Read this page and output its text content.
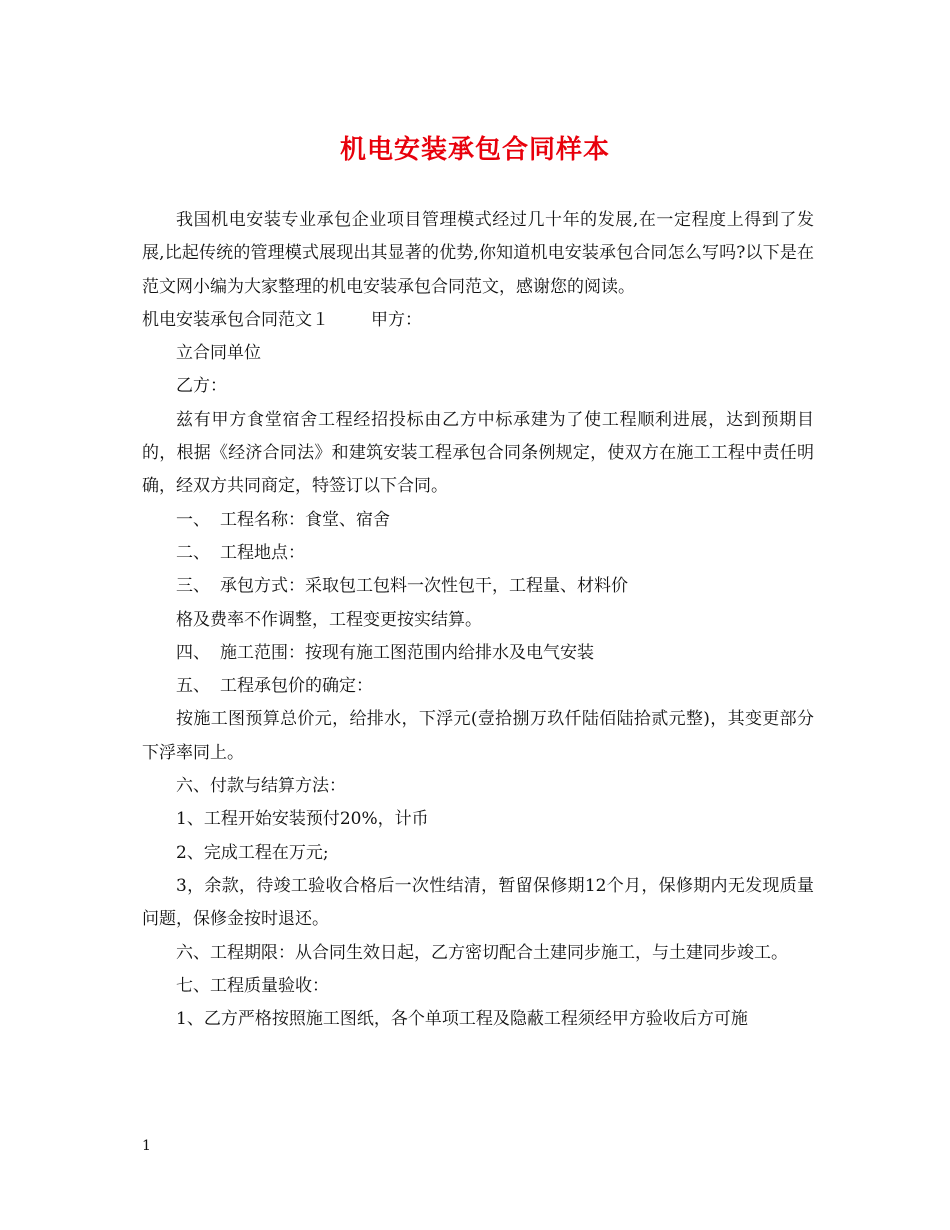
机电安装承包合同样本

我国机电安装专业承包企业项目管理模式经过几十年的发展,在一定程度上得到了发展,比起传统的管理模式展现出其显著的优势,你知道机电安装承包合同怎么写吗?以下是在范文网小编为大家整理的机电安装承包合同范文，感谢您的阅读。

机电安装承包合同范文１ 甲方：

立合同单位

乙方：

兹有甲方食堂宿舍工程经招投标由乙方中标承建为了使工程顺利进展，达到预期目的，根据《经济合同法》和建筑安装工程承包合同条例规定，使双方在施工工程中责任明确，经双方共同商定，特签订以下合同。

一、 工程名称：食堂、宿舍

二、 工程地点：

三、 承包方式：采取包工包料一次性包干，工程量、材料价

格及费率不作调整，工程变更按实结算。

四、 施工范围：按现有施工图范围内给排水及电气安装

五、 工程承包价的确定：

按施工图预算总价元，给排水，下浮元(壹拾捌万玖仟陆佰陆拾贰元整)，其变更部分下浮率同上。

六、付款与结算方法：

1、工程开始安装预付20%，计币

2、完成工程在万元;

3，余款，待竣工验收合格后一次性结清，暂留保修期12个月，保修期内无发现质量问题，保修金按时退还。

六、工程期限：从合同生效日起，乙方密切配合土建同步施工，与土建同步竣工。

七、工程质量验收：

1、乙方严格按照施工图纸，各个单项工程及隐蔽工程须经甲方验收后方可施

1
